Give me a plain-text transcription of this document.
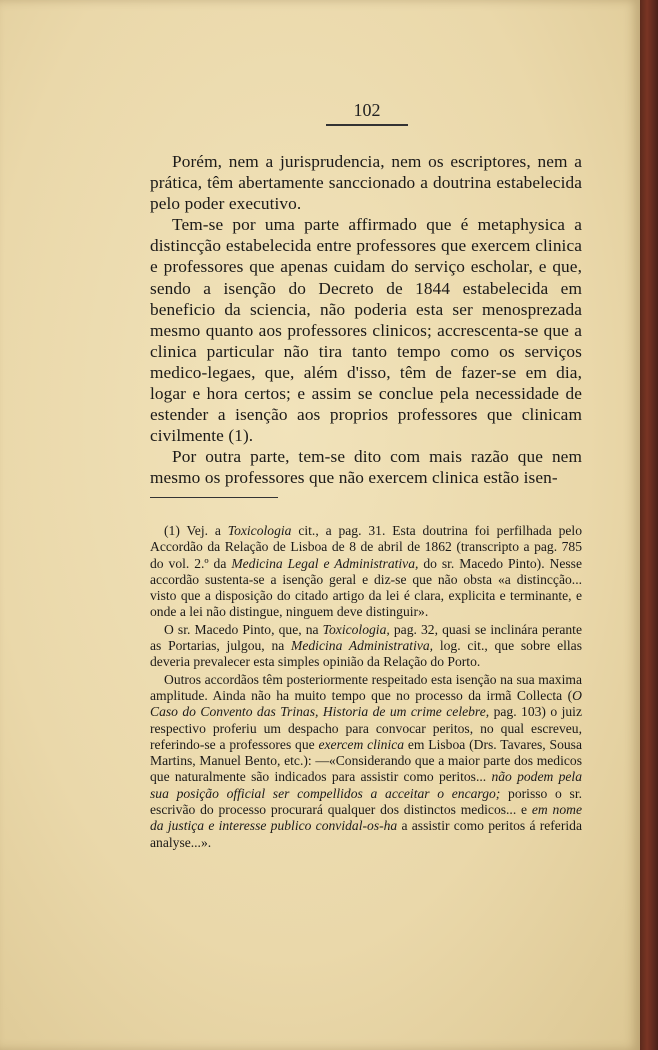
102

Porém, nem a jurisprudencia, nem os escriptores, nem a prática, têm abertamente sanccionado a doutrina estabelecida pelo poder executivo.

Tem-se por uma parte affirmado que é metaphysica a distincção estabelecida entre professores que exercem clinica e professores que apenas cuidam do serviço escholar, e que, sendo a isenção do Decreto de 1844 estabelecida em beneficio da sciencia, não poderia esta ser menosprezada mesmo quanto aos professores clinicos; accrescenta-se que a clinica particular não tira tanto tempo como os serviços medico-legaes, que, além d'isso, têm de fazer-se em dia, logar e hora certos; e assim se conclue pela necessidade de estender a isenção aos proprios professores que clinicam civilmente (1).

Por outra parte, tem-se dito com mais razão que nem mesmo os professores que não exercem clinica estão isen-

(1) Vej. a Toxicologia cit., a pag. 31. Esta doutrina foi perfilhada pelo Accordão da Relação de Lisboa de 8 de abril de 1862 (transcripto a pag. 785 do vol. 2.º da Medicina Legal e Administrativa, do sr. Macedo Pinto). Nesse accordão sustenta-se a isenção geral e diz-se que não obsta «a distincção... visto que a disposição do citado artigo da lei é clara, explicita e terminante, e onde a lei não distingue, ninguem deve distinguir».

O sr. Macedo Pinto, que, na Toxicologia, pag. 32, quasi se inclinára perante as Portarias, julgou, na Medicina Administrativa, log. cit., que sobre ellas deveria prevalecer esta simples opinião da Relação do Porto.

Outros accordãos têm posteriormente respeitado esta isenção na sua maxima amplitude. Ainda não ha muito tempo que no processo da irmã Collecta (O Caso do Convento das Trinas, Historia de um crime celebre, pag. 103) o juiz respectivo proferiu um despacho para convocar peritos, no qual escreveu, referindo-se a professores que exercem clinica em Lisboa (Drs. Tavares, Sousa Martins, Manuel Bento, etc.): —«Considerando que a maior parte dos medicos que naturalmente são indicados para assistir como peritos... não podem pela sua posição official ser compellidos a acceitar o encargo; porisso o sr. escrivão do processo procurará qualquer dos distinctos medicos... e em nome da justiça e interesse publico convidal-os-ha a assistir como peritos á referida analyse...».
